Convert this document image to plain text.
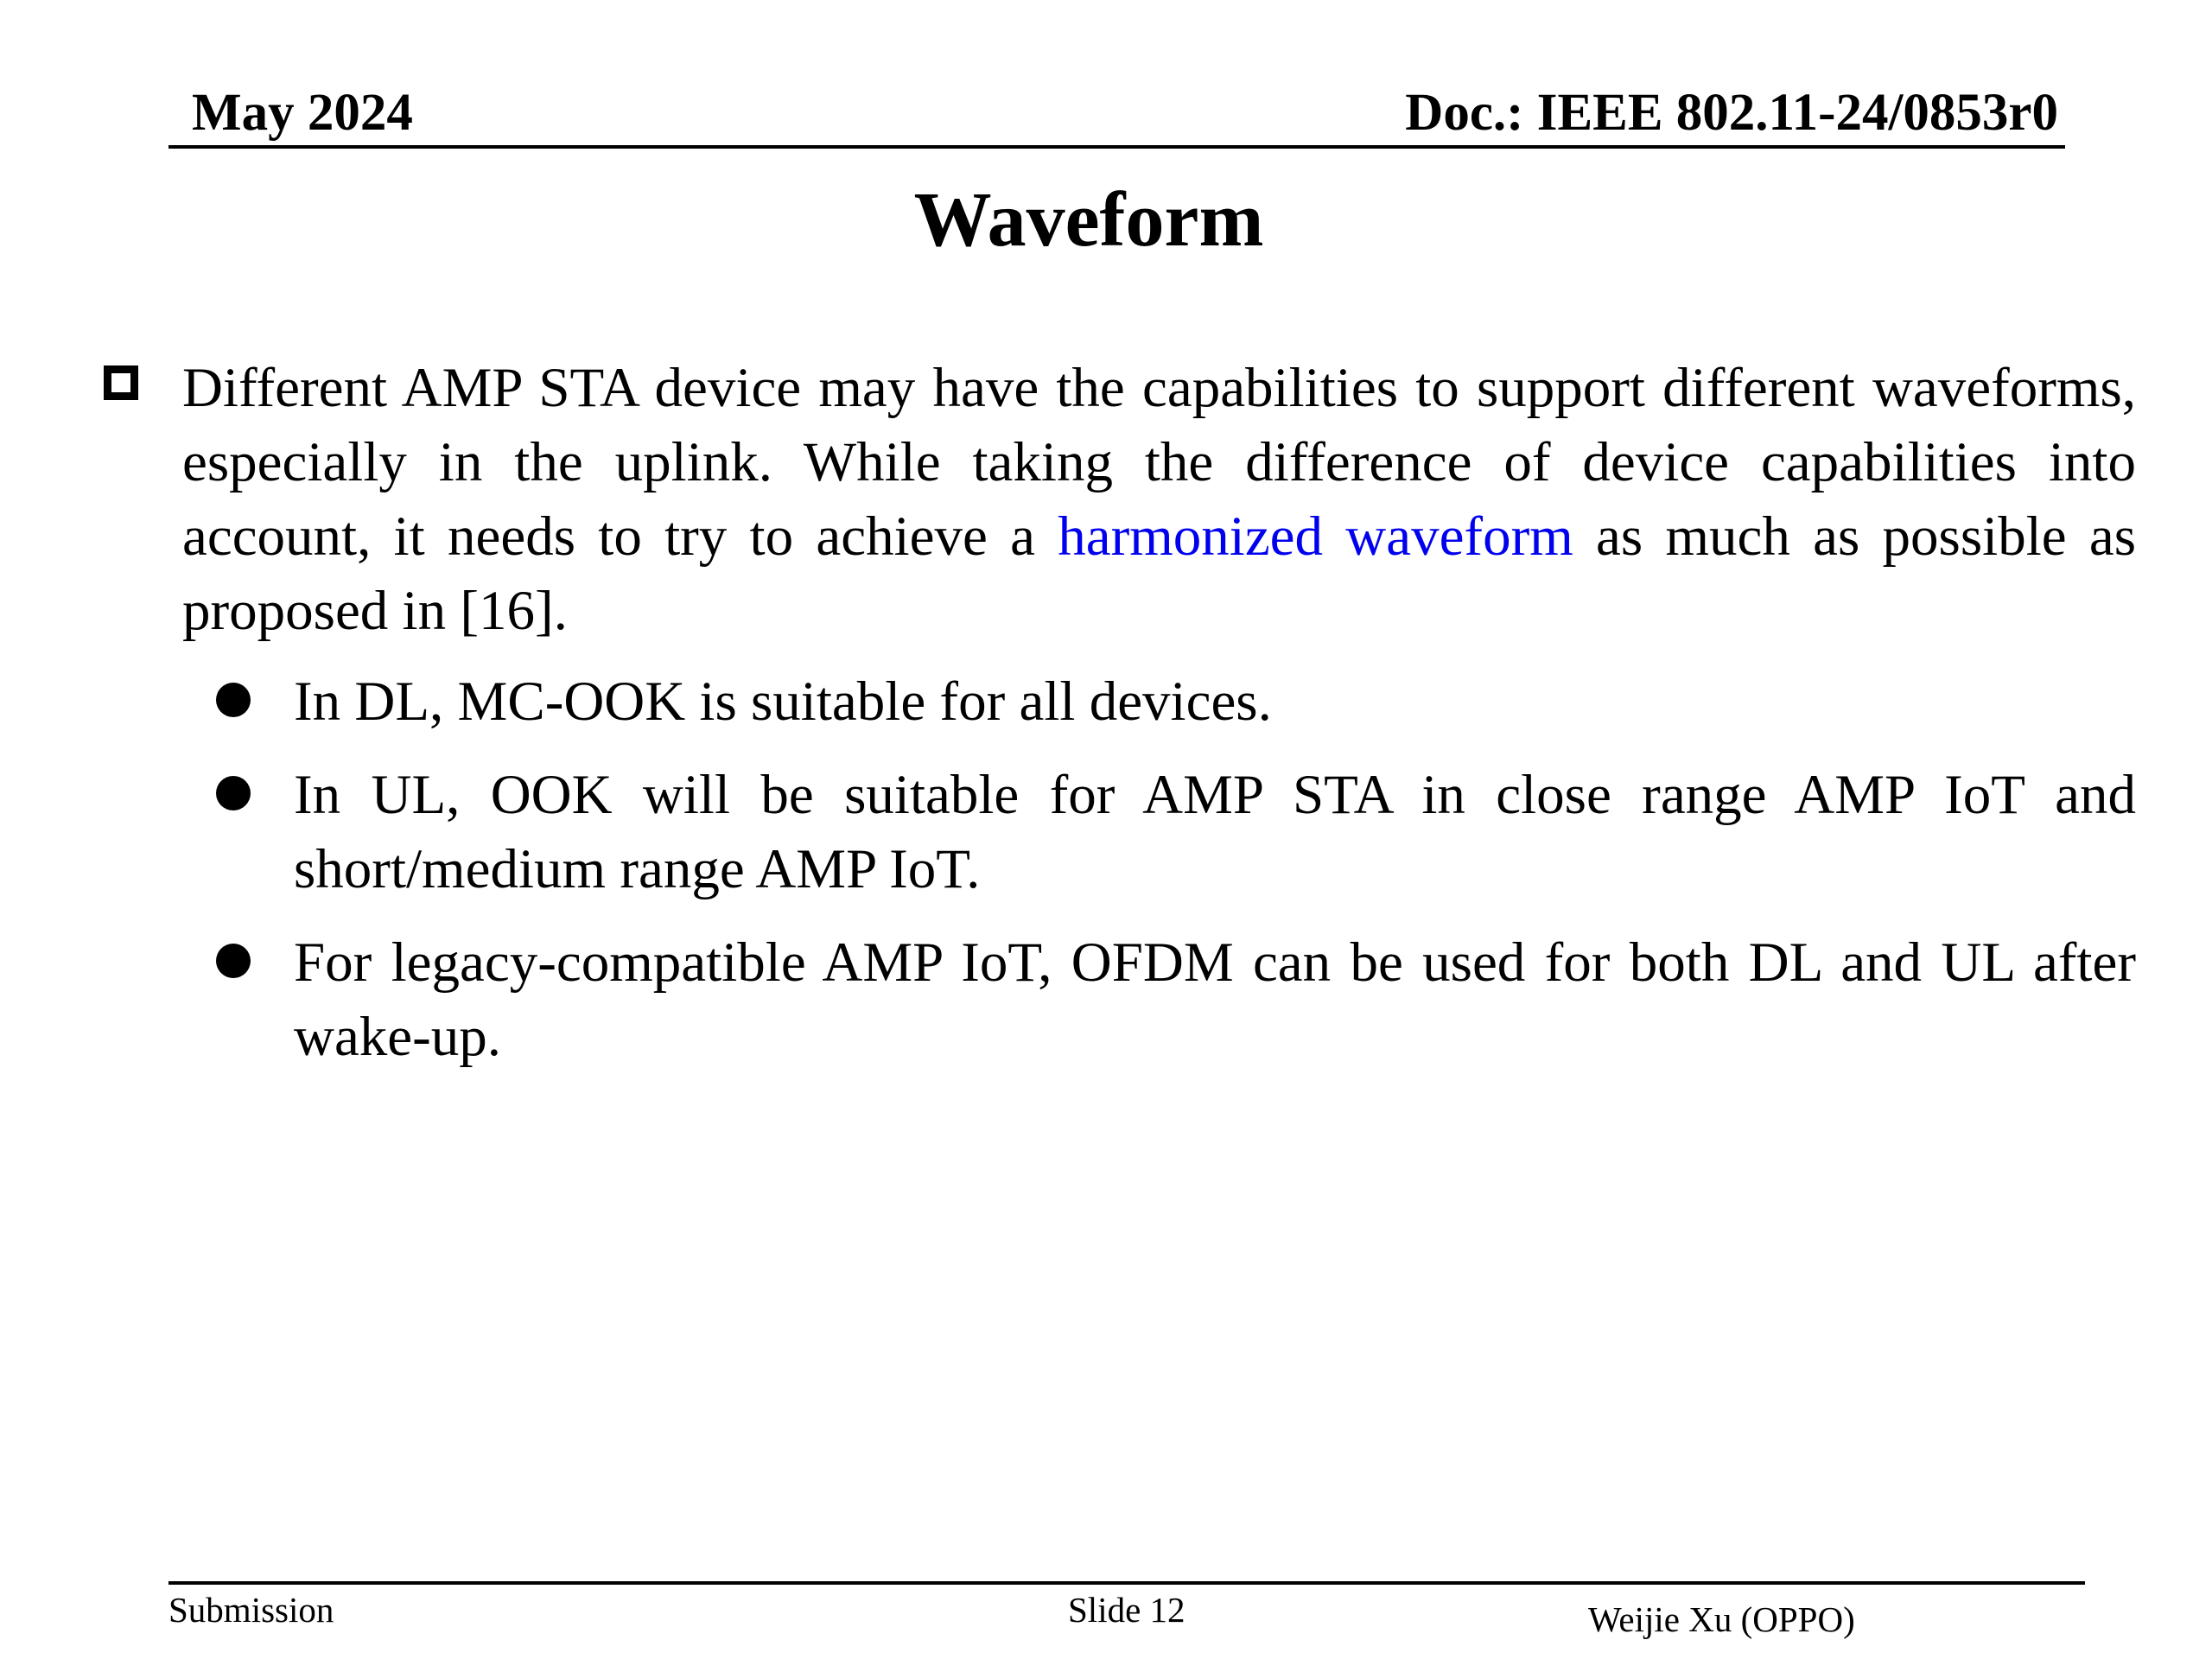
May 2024	Doc.: IEEE 802.11-24/0853r0
Waveform
Different AMP STA device may have the capabilities to support different waveforms, especially in the uplink. While taking the difference of device capabilities into account, it needs to try to achieve a harmonized waveform as much as possible as proposed in [16].
In DL, MC-OOK is suitable for all devices.
In UL, OOK will be suitable for AMP STA in close range AMP IoT and short/medium range AMP IoT.
For legacy-compatible AMP IoT, OFDM can be used for both DL and UL after wake-up.
Submission	Slide 12	Weijie Xu (OPPO)
